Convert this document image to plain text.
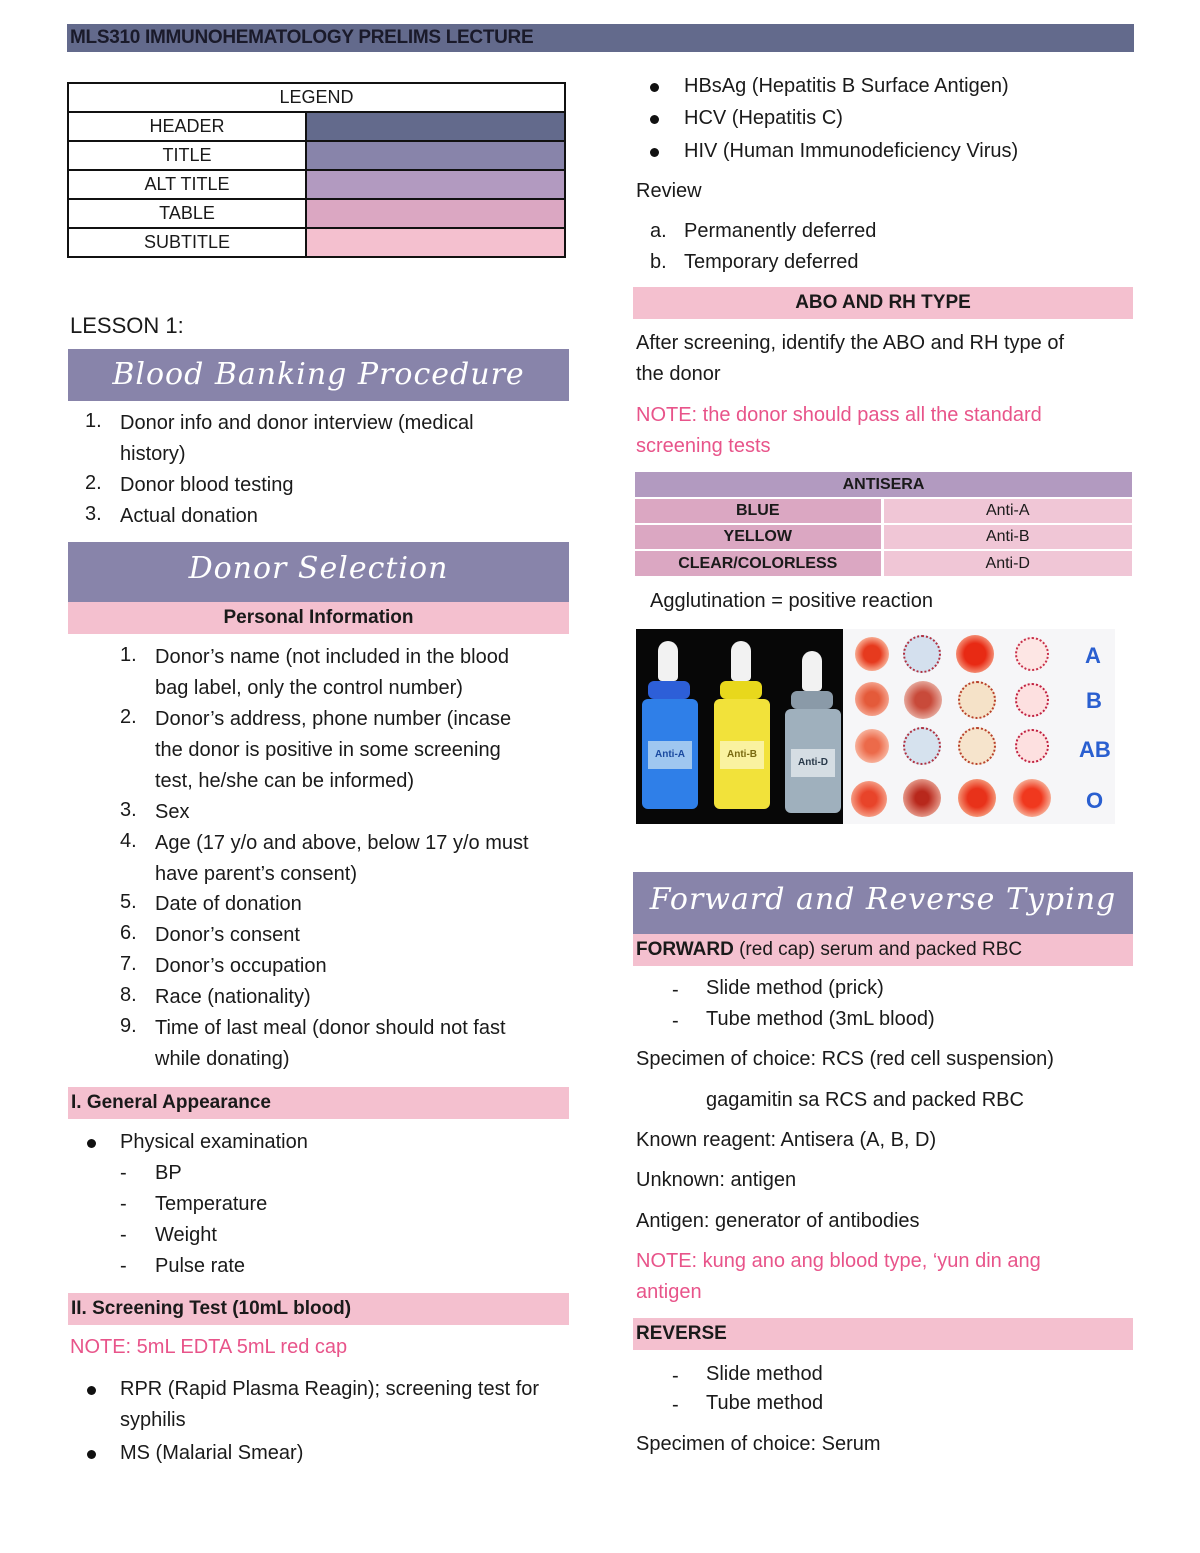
MLS310 IMMUNOHEMATOLOGY PRELIMS LECTURE
LEGEND	
HEADER	
TITLE	
ALT TITLE	
TABLE	
SUBTITLE	
LESSON 1:
Blood Banking Procedure
1. Donor info and donor interview (medical
history)
2. Donor blood testing
3. Actual donation
Donor Selection
Personal Information
1. Donor’s name (not included in the blood
bag label, only the control number)
2. Donor’s address, phone number (incase
the donor is positive in some screening
test, he/she can be informed)
3. Sex
4. Age (17 y/o and above, below 17 y/o must
have parent’s consent)
5. Date of donation
6. Donor’s consent
7. Donor’s occupation
8. Race (nationality)
9. Time of last meal (donor should not fast
while donating)
I. General Appearance
Physical examination
- BP
- Temperature
- Weight
- Pulse rate
II. Screening Test (10mL blood)
NOTE: 5mL EDTA 5mL red cap
RPR (Rapid Plasma Reagin); screening test for
syphilis
MS (Malarial Smear)
HBsAg (Hepatitis B Surface Antigen)
HCV (Hepatitis C)
HIV (Human Immunodeficiency Virus)
Review
a. Permanently deferred
b. Temporary deferred
ABO AND RH TYPE
After screening, identify the ABO and RH type of
the donor
NOTE: the donor should pass all the standard
screening tests
ANTISERA	
BLUE	Anti-A
YELLOW	Anti-B
CLEAR/COLORLESS	Anti-D
Agglutination = positive reaction
Anti-A	Anti-B
Anti-D
A
B
AB
O
Forward and Reverse Typing
FORWARD (red cap) serum and packed RBC
- Slide method (prick)
- Tube method (3mL blood)
Specimen of choice: RCS (red cell suspension)
gagamitin sa RCS and packed RBC
Known reagent: Antisera (A, B, D)
Unknown: antigen
Antigen: generator of antibodies
NOTE: kung ano ang blood type, ‘yun din ang
antigen
REVERSE
- Slide method
- Tube method
Specimen of choice: Serum
